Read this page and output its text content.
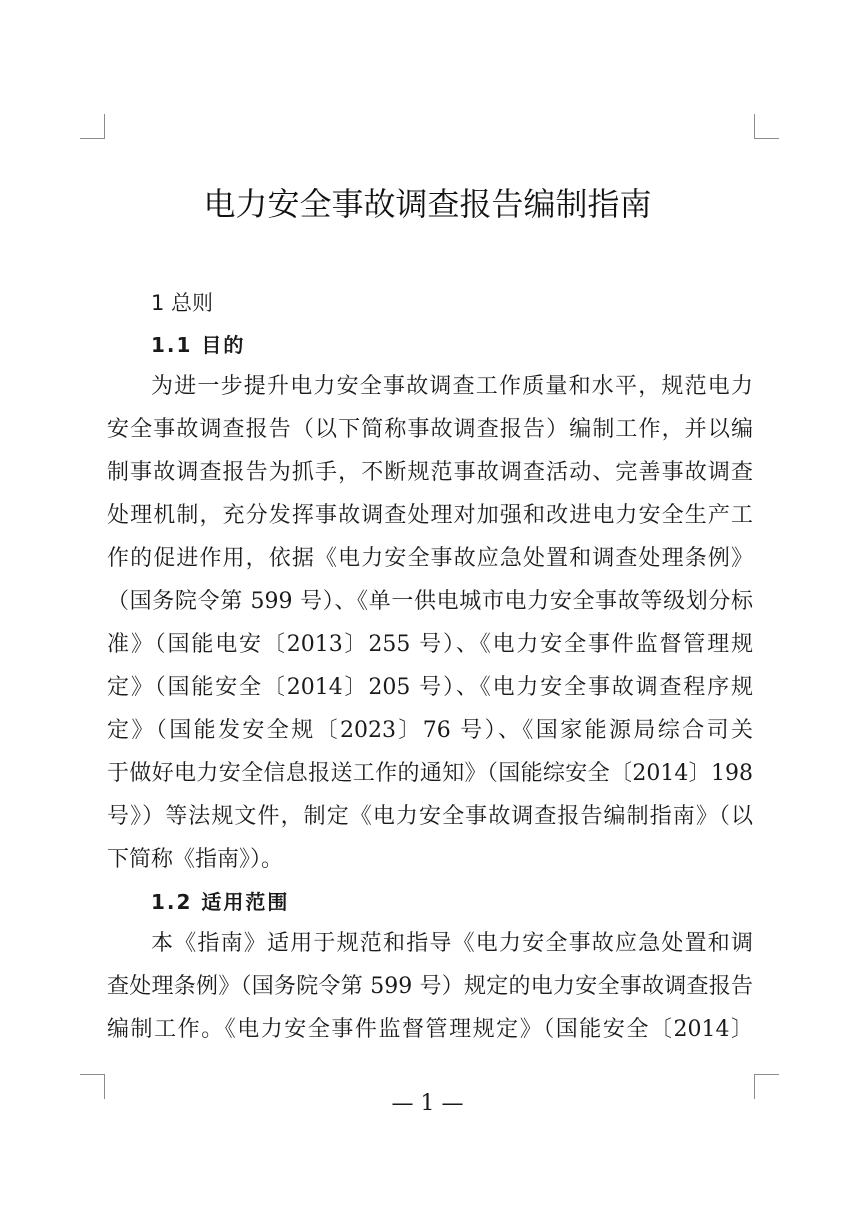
电力安全事故调查报告编制指南
1 总则
1.1 目的
为进一步提升电力安全事故调查工作质量和水平，规范电力
安全事故调查报告（以下简称事故调查报告）编制工作，并以编
制事故调查报告为抓手，不断规范事故调查活动、完善事故调查
处理机制，充分发挥事故调查处理对加强和改进电力安全生产工
作的促进作用，依据《电力安全事故应急处置和调查处理条例》
（国务院令第 599 号）、《单一供电城市电力安全事故等级划分标
准》（国能电安〔2013〕255 号）、《电力安全事件监督管理规
定》（国能安全〔2014〕205 号）、《电力安全事故调查程序规
定》（国能发安全规〔2023〕76 号）、《国家能源局综合司关
于做好电力安全信息报送工作的通知》（国能综安全〔2014〕198
号》）等法规文件，制定《电力安全事故调查报告编制指南》（以
下简称《指南》）。
1.2 适用范围
本《指南》适用于规范和指导《电力安全事故应急处置和调
查处理条例》（国务院令第 599 号）规定的电力安全事故调查报告
编制工作。《电力安全事件监督管理规定》（国能安全〔2014〕
— 1 —
